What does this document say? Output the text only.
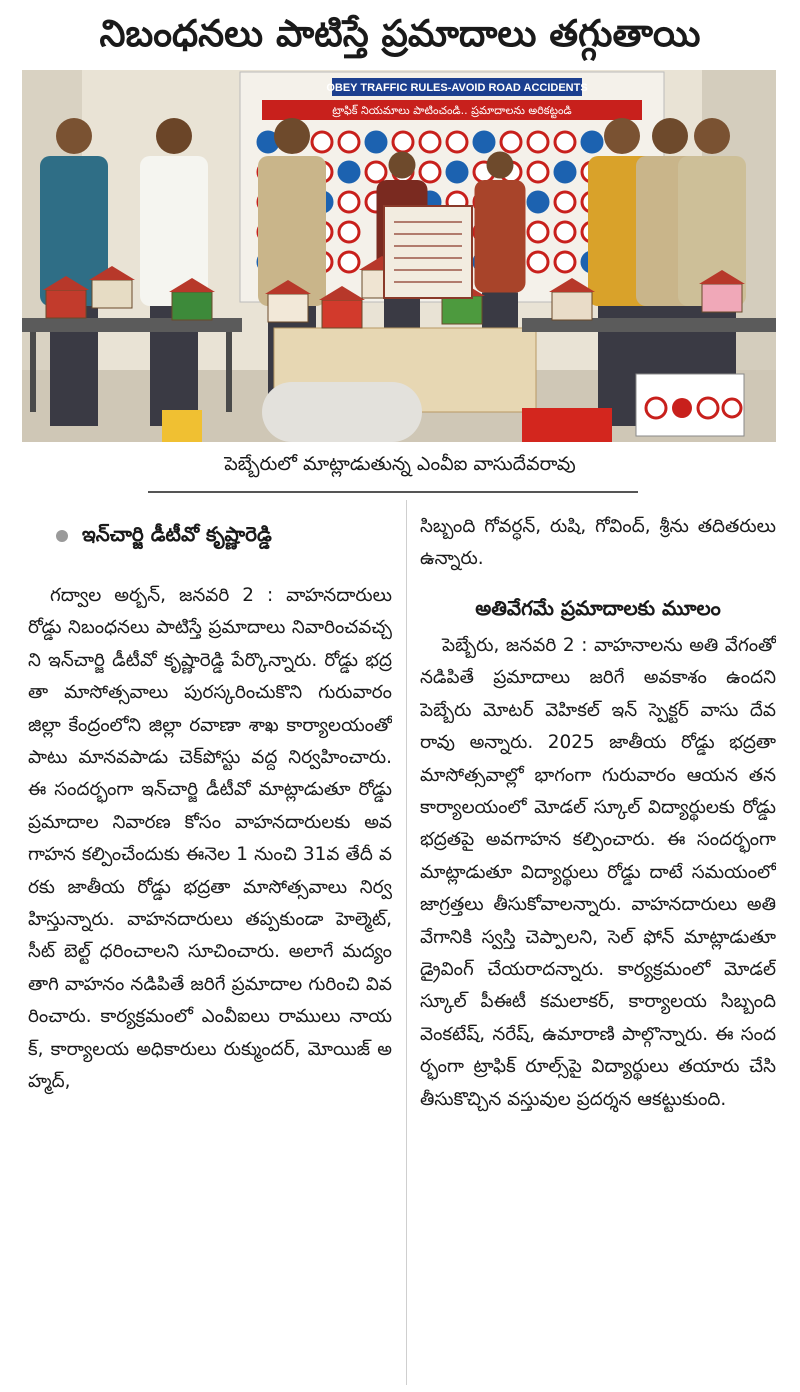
నిబంధనలు పాటిస్తే ప్రమాదాలు తగ్గుతాయి
OBEY TRAFFIC RULES-AVOID ROAD ACCIDENTS
ట్రాఫిక్ నియమాలు పాటించండి.. ప్రమాదాలను అరికట్టండి
పెబ్బేరులో మాట్లాడుతున్న ఎంవీఐ వాసుదేవరావు
ఇన్‌చార్జి డీటీవో కృష్ణారెడ్డి
గద్వాల అర్బన్, జనవరి 2 : వాహనదారులు రోడ్డు నిబంధనలు పాటిస్తే ప్రమాదాలు నివారించవచ్చని ఇన్‌చార్జి డీటీవో కృష్ణారెడ్డి పేర్కొన్నారు. రోడ్డు భద్రతా మాసోత్సవాలు పురస్కరించుకొని గురువారం జిల్లా కేంద్రంలోని జిల్లా రవాణా శాఖ కార్యాలయంతో పాటు మానవపాడు చెక్‌పోస్టు వద్ద నిర్వహించారు. ఈ సందర్భంగా ఇన్‌చార్జి డీటీవో మాట్లాడుతూ రోడ్డు ప్రమాదాల నివారణ కోసం వాహనదారులకు అవగాహన కల్పించేందుకు ఈనెల 1 నుంచి 31వ తేదీ వరకు జాతీయ రోడ్డు భద్రతా మాసోత్సవాలు నిర్వహిస్తున్నారు. వాహనదారులు తప్పకుండా హెల్మెట్, సీట్ బెల్ట్ ధరించాలని సూచించారు. అలాగే మద్యం తాగి వాహనం నడిపితే జరిగే ప్రమాదాల గురించి వివరించారు. కార్యక్రమంలో ఎంవీఐలు రాములు నాయక్, కార్యాలయ అధికారులు రుక్ముందర్, మోయిజ్ అహ్మద్,
సిబ్బంది గోవర్ధన్, రుషి, గోవింద్, శ్రీను తదితరులు ఉన్నారు.
అతివేగమే ప్రమాదాలకు మూలం
పెబ్బేరు, జనవరి 2 : వాహనాలను అతి వేగంతో నడిపితే ప్రమాదాలు జరిగే అవకాశం ఉందని పెబ్బేరు మోటర్ వెహికల్ ఇన్ స్పెక్టర్ వాసు దేవరావు అన్నారు. 2025 జాతీయ రోడ్డు భద్రతా మాసోత్సవాల్లో భాగంగా గురువారం ఆయన తన కార్యాలయంలో మోడల్ స్కూల్ విద్యార్థులకు రోడ్డు భద్రతపై అవగాహన కల్పించారు. ఈ సందర్భంగా మాట్లాడుతూ విద్యార్థులు రోడ్డు దాటే సమయంలో జాగ్రత్తలు తీసుకోవాలన్నారు. వాహనదారులు అతి వేగానికి స్వస్తి చెప్పాలని, సెల్ ఫోన్ మాట్లాడుతూ డ్రైవింగ్ చేయరాదన్నారు. కార్యక్రమంలో మోడల్ స్కూల్ పీఈటీ కమలాకర్, కార్యాలయ సిబ్బంది వెంకటేష్, నరేష్, ఉమారాణి పాల్గొన్నారు. ఈ సందర్భంగా ట్రాఫిక్ రూల్స్‌పై విద్యార్థులు తయారు చేసి తీసుకొచ్చిన వస్తువుల ప్రదర్శన ఆకట్టుకుంది.
